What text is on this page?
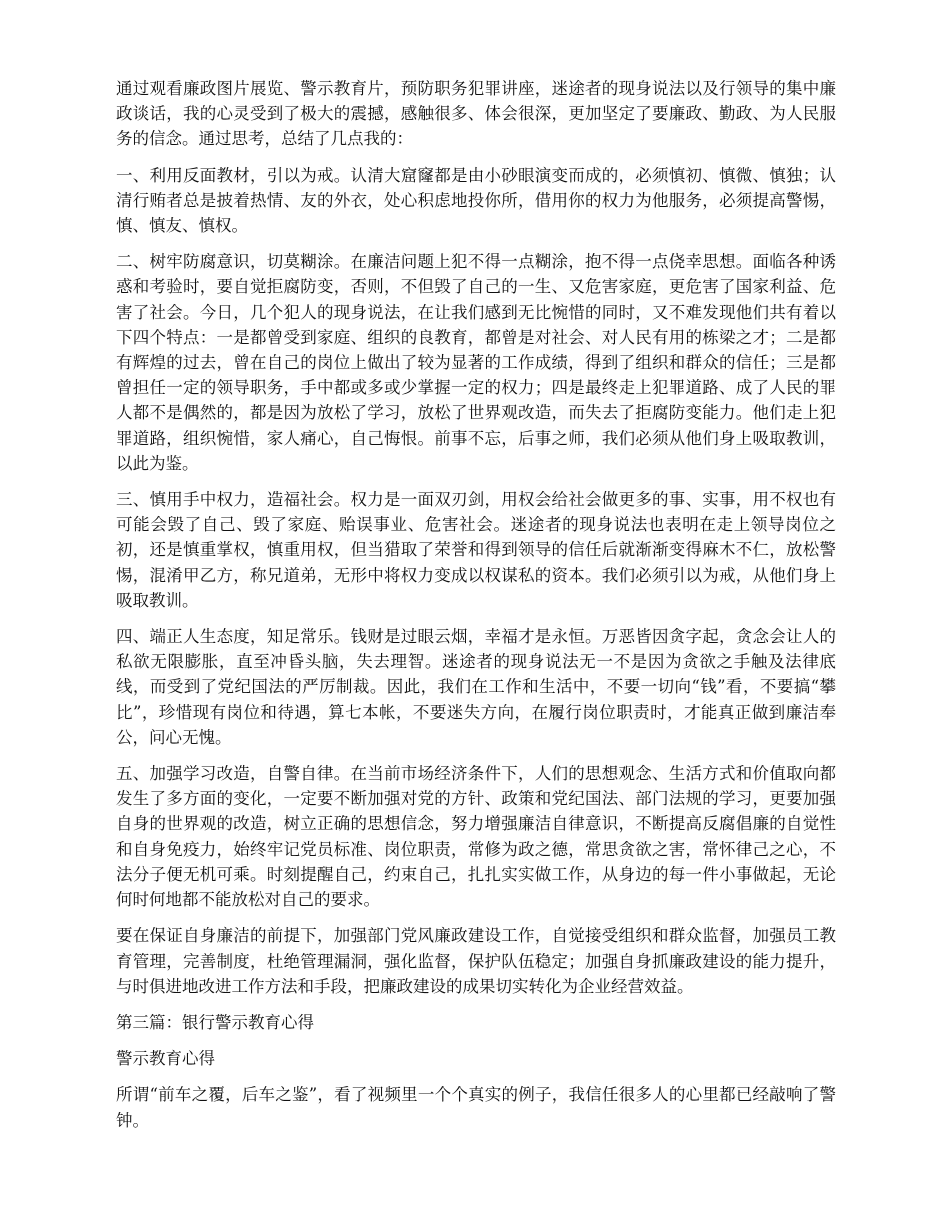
通过观看廉政图片展览、警示教育片，预防职务犯罪讲座，迷途者的现身说法以及行领导的集中廉政谈话，我的心灵受到了极大的震撼，感触很多、体会很深，更加坚定了要廉政、勤政、为人民服务的信念。通过思考，总结了几点我的：

一、利用反面教材，引以为戒。认清大窟窿都是由小砂眼演变而成的，必须慎初、慎微、慎独；认清行贿者总是披着热情、友的外衣，处心积虑地投你所，借用你的权力为他服务，必须提高警惕，慎、慎友、慎权。

二、树牢防腐意识，切莫糊涂。在廉洁问题上犯不得一点糊涂，抱不得一点侥幸思想。面临各种诱惑和考验时，要自觉拒腐防变，否则，不但毁了自己的一生、又危害家庭，更危害了国家利益、危害了社会。今日，几个犯人的现身说法，在让我们感到无比惋惜的同时，又不难发现他们共有着以下四个特点：一是都曾受到家庭、组织的良教育，都曾是对社会、对人民有用的栋梁之才；二是都有辉煌的过去，曾在自己的岗位上做出了较为显著的工作成绩，得到了组织和群众的信任；三是都曾担任一定的领导职务，手中都或多或少掌握一定的权力；四是最终走上犯罪道路、成了人民的罪人都不是偶然的，都是因为放松了学习，放松了世界观改造，而失去了拒腐防变能力。他们走上犯罪道路，组织惋惜，家人痛心，自己悔恨。前事不忘，后事之师，我们必须从他们身上吸取教训，以此为鉴。

三、慎用手中权力，造福社会。权力是一面双刃剑，用权会给社会做更多的事、实事，用不权也有可能会毁了自己、毁了家庭、贻误事业、危害社会。迷途者的现身说法也表明在走上领导岗位之初，还是慎重掌权，慎重用权，但当猎取了荣誉和得到领导的信任后就渐渐变得麻木不仁，放松警惕，混淆甲乙方，称兄道弟，无形中将权力变成以权谋私的资本。我们必须引以为戒，从他们身上吸取教训。

四、端正人生态度，知足常乐。钱财是过眼云烟，幸福才是永恒。万恶皆因贪字起，贪念会让人的私欲无限膨胀，直至冲昏头脑，失去理智。迷途者的现身说法无一不是因为贪欲之手触及法律底线，而受到了党纪国法的严厉制裁。因此，我们在工作和生活中，不要一切向“钱”看，不要搞“攀比”，珍惜现有岗位和待遇，算七本帐，不要迷失方向，在履行岗位职责时，才能真正做到廉洁奉公，问心无愧。

五、加强学习改造，自警自律。在当前市场经济条件下，人们的思想观念、生活方式和价值取向都发生了多方面的变化，一定要不断加强对党的方针、政策和党纪国法、部门法规的学习，更要加强自身的世界观的改造，树立正确的思想信念，努力增强廉洁自律意识，不断提高反腐倡廉的自觉性和自身免疫力，始终牢记党员标准、岗位职责，常修为政之德，常思贪欲之害，常怀律己之心，不法分子便无机可乘。时刻提醒自己，约束自己，扎扎实实做工作，从身边的每一件小事做起，无论何时何地都不能放松对自己的要求。

要在保证自身廉洁的前提下，加强部门党风廉政建设工作，自觉接受组织和群众监督，加强员工教育管理，完善制度，杜绝管理漏洞，强化监督，保护队伍稳定；加强自身抓廉政建设的能力提升，与时俱进地改进工作方法和手段，把廉政建设的成果切实转化为企业经营效益。

第三篇：银行警示教育心得

警示教育心得

所谓“前车之覆，后车之鉴”，看了视频里一个个真实的例子，我信任很多人的心里都已经敲响了警钟。
